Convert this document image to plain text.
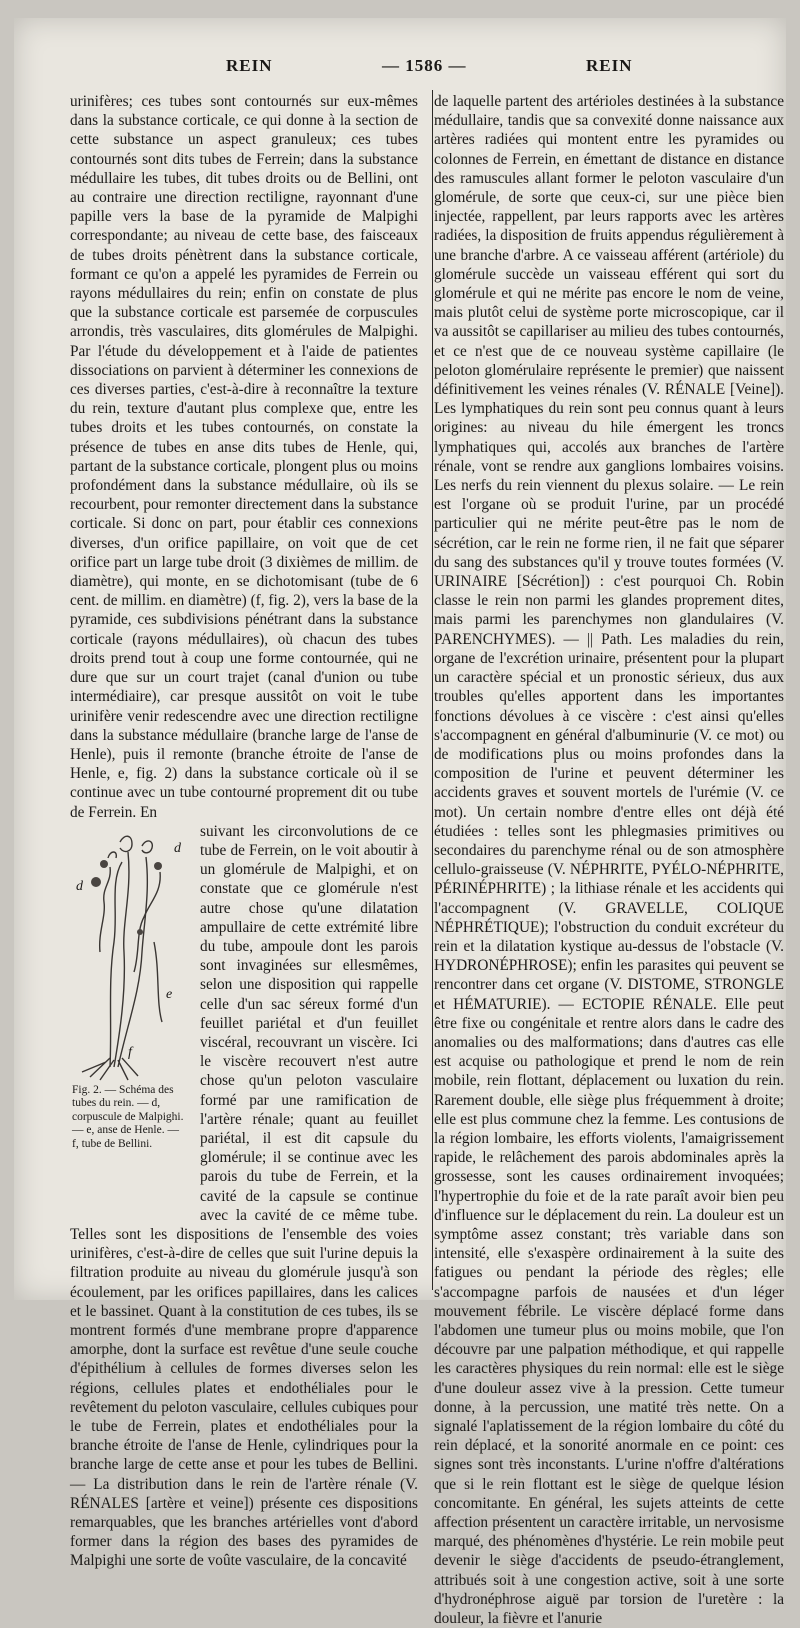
REIN	— 1586 —	REIN

urinifères; ces tubes sont contournés sur eux-mêmes dans la substance corticale, ce qui donne à la section de cette substance un aspect granuleux; ces tubes contournés sont dits tubes de Ferrein; dans la substance médullaire les tubes, dit tubes droits ou de Bellini, ont au contraire une direction rectiligne, rayonnant d'une papille vers la base de la pyramide de Malpighi correspondante; au niveau de cette base, des faisceaux de tubes droits pénètrent dans la substance corticale, formant ce qu'on a appelé les pyramides de Ferrein ou rayons médullaires du rein; enfin on constate de plus que la substance corticale est parsemée de corpuscules arrondis, très vasculaires, dits glomérules de Malpighi. Par l'étude du développement et à l'aide de patientes dissociations on parvient à déterminer les connexions de ces diverses parties, c'est-à-dire à reconnaître la texture du rein, texture d'autant plus complexe que, entre les tubes droits et les tubes contournés, on constate la présence de tubes en anse dits tubes de Henle, qui, partant de la substance corticale, plongent plus ou moins profondément dans la substance médullaire, où ils se recourbent, pour remonter directement dans la substance corticale. Si donc on part, pour établir ces connexions diverses, d'un orifice papillaire, on voit que de cet orifice part un large tube droit (3 dixièmes de millim. de diamètre), qui monte, en se dichotomisant (tube de 6 cent. de millim. en diamètre) (f, fig. 2), vers la base de la pyramide, ces subdivisions pénétrant dans la substance corticale (rayons médullaires), où chacun des tubes droits prend tout à coup une forme contournée, qui ne dure que sur un court trajet (canal d'union ou tube intermédiaire), car presque aussitôt on voit le tube urinifère venir redescendre avec une direction rectiligne dans la substance médullaire (branche large de l'anse de Henle), puis il remonte (branche étroite de l'anse de Henle, e, fig. 2) dans la substance corticale où il se continue avec un tube contourné proprement dit ou tube de Ferrein. En

d
d
e
f
Fig. 2. — Schéma des tubes du rein. — d, corpuscule de Malpighi. — e, anse de Henle. — f, tube de Bellini.

suivant les circonvolutions de ce tube de Ferrein, on le voit aboutir à un glomérule de Malpighi, et on constate que ce glomérule n'est autre chose qu'une dilatation ampullaire de cette extrémité libre du tube, ampoule dont les parois sont invaginées sur ellesmêmes, selon une disposition qui rappelle celle d'un sac séreux formé d'un feuillet pariétal et d'un feuillet viscéral, recouvrant un viscère. Ici le viscère recouvert n'est autre chose qu'un peloton vasculaire formé par une ramification de l'artère rénale; quant au feuillet pariétal, il est dit capsule du glomérule; il se continue avec les parois du tube de Ferrein, et la cavité de la capsule se continue avec la cavité de ce même tube. Telles sont les dispositions de l'ensemble des voies urinifères, c'est-à-dire de celles que suit l'urine depuis la filtration produite au niveau du glomérule jusqu'à son écoulement, par les orifices papillaires, dans les calices et le bassinet. Quant à la constitution de ces tubes, ils se montrent formés d'une membrane propre d'apparence amorphe, dont la surface est revêtue d'une seule couche d'épithélium à cellules de formes diverses selon les régions, cellules plates et endothéliales pour le revêtement du peloton vasculaire, cellules cubiques pour le tube de Ferrein, plates et endothéliales pour la branche étroite de l'anse de Henle, cylindriques pour la branche large de cette anse et pour les tubes de Bellini. — La distribution dans le rein de l'artère rénale (V. RÉNALES [artère et veine]) présente ces dispositions remarquables, que les branches artérielles vont d'abord former dans la région des bases des pyramides de Malpighi une sorte de voûte vasculaire, de la concavité

de laquelle partent des artérioles destinées à la substance médullaire, tandis que sa convexité donne naissance aux artères radiées qui montent entre les pyramides ou colonnes de Ferrein, en émettant de distance en distance des ramuscules allant former le peloton vasculaire d'un glomérule, de sorte que ceux-ci, sur une pièce bien injectée, rappellent, par leurs rapports avec les artères radiées, la disposition de fruits appendus régulièrement à une branche d'arbre. A ce vaisseau afférent (artériole) du glomérule succède un vaisseau efférent qui sort du glomérule et qui ne mérite pas encore le nom de veine, mais plutôt celui de système porte microscopique, car il va aussitôt se capillariser au milieu des tubes contournés, et ce n'est que de ce nouveau système capillaire (le peloton glomérulaire représente le premier) que naissent définitivement les veines rénales (V. RÉNALE [Veine]). Les lymphatiques du rein sont peu connus quant à leurs origines: au niveau du hile émergent les troncs lymphatiques qui, accolés aux branches de l'artère rénale, vont se rendre aux ganglions lombaires voisins. Les nerfs du rein viennent du plexus solaire. — Le rein est l'organe où se produit l'urine, par un procédé particulier qui ne mérite peut-être pas le nom de sécrétion, car le rein ne forme rien, il ne fait que séparer du sang des substances qu'il y trouve toutes formées (V. URINAIRE [Sécrétion]) : c'est pourquoi Ch. Robin classe le rein non parmi les glandes proprement dites, mais parmi les parenchymes non glandulaires (V. PARENCHYMES). — || Path. Les maladies du rein, organe de l'excrétion urinaire, présentent pour la plupart un caractère spécial et un pronostic sérieux, dus aux troubles qu'elles apportent dans les importantes fonctions dévolues à ce viscère : c'est ainsi qu'elles s'accompagnent en général d'albuminurie (V. ce mot) ou de modifications plus ou moins profondes dans la composition de l'urine et peuvent déterminer les accidents graves et souvent mortels de l'urémie (V. ce mot). Un certain nombre d'entre elles ont déjà été étudiées : telles sont les phlegmasies primitives ou secondaires du parenchyme rénal ou de son atmosphère cellulo-graisseuse (V. NÉPHRITE, PYÉLO-NÉPHRITE, PÉRINÉPHRITE) ; la lithiase rénale et les accidents qui l'accompagnent (V. GRAVELLE, COLIQUE NÉPHRÉTIQUE); l'obstruction du conduit excréteur du rein et la dilatation kystique au-dessus de l'obstacle (V. HYDRONÉPHROSE); enfin les parasites qui peuvent se rencontrer dans cet organe (V. DISTOME, STRONGLE et HÉMATURIE). — ECTOPIE RÉNALE. Elle peut être fixe ou congénitale et rentre alors dans le cadre des anomalies ou des malformations; dans d'autres cas elle est acquise ou pathologique et prend le nom de rein mobile, rein flottant, déplacement ou luxation du rein. Rarement double, elle siège plus fréquemment à droite; elle est plus commune chez la femme. Les contusions de la région lombaire, les efforts violents, l'amaigrissement rapide, le relâchement des parois abdominales après la grossesse, sont les causes ordinairement invoquées; l'hypertrophie du foie et de la rate paraît avoir bien peu d'influence sur le déplacement du rein. La douleur est un symptôme assez constant; très variable dans son intensité, elle s'exaspère ordinairement à la suite des fatigues ou pendant la période des règles; elle s'accompagne parfois de nausées et d'un léger mouvement fébrile. Le viscère déplacé forme dans l'abdomen une tumeur plus ou moins mobile, que l'on découvre par une palpation méthodique, et qui rappelle les caractères physiques du rein normal: elle est le siège d'une douleur assez vive à la pression. Cette tumeur donne, à la percussion, une matité très nette. On a signalé l'aplatissement de la région lombaire du côté du rein déplacé, et la sonorité anormale en ce point: ces signes sont très inconstants. L'urine n'offre d'altérations que si le rein flottant est le siège de quelque lésion concomitante. En général, les sujets atteints de cette affection présentent un caractère irritable, un nervosisme marqué, des phénomènes d'hystérie. Le rein mobile peut devenir le siège d'accidents de pseudo-étranglement, attribués soit à une congestion active, soit à une sorte d'hydronéphrose aiguë par torsion de l'uretère : la douleur, la fièvre et l'anurie
